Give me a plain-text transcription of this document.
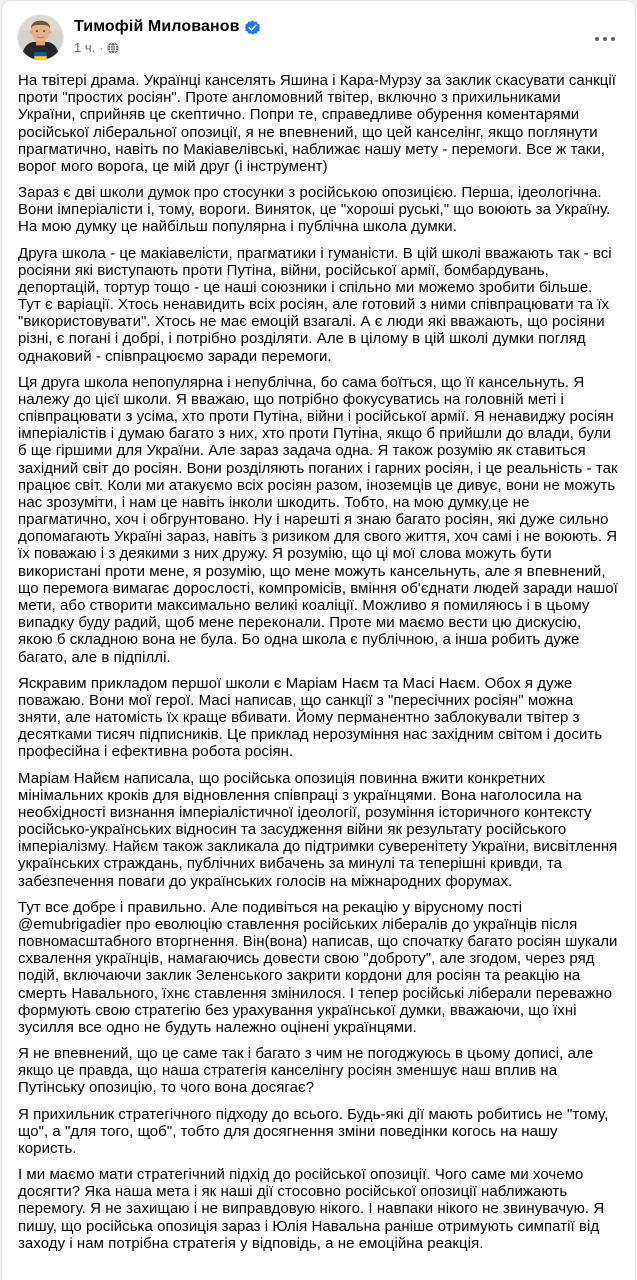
Тимофій Милованов
1 ч. ·

На твітері драма. Українці канселять Яшина і Кара-Мурзу за заклик скасувати санкції проти "простих росіян". Проте англомовний твітер, включно з прихильниками України, сприйняв це скептично. Попри те, справедливе обурення коментарями російської ліберальної опозиції, я не впевнений, що цей канселінг, якщо поглянути прагматично, навіть по Макіавелівські, наближає нашу мету - перемоги. Все ж таки, ворог мого ворога, це мій друг (і інструмент)

Зараз є дві школи думок про стосунки з російською опозицією. Перша, ідеологічна. Вони імперіалісти і, тому, вороги. Виняток, це "хороші руські," що воюють за Україну.  На мою думку це найбільш популярна і публічна школа думки.

Друга школа - це макіавелісти, прагматики і гуманісти. В цій школі вважають так - всі росіяни які виступають проти Путіна, війни, російської армії, бомбардувань, депортацій, тортур тощо - це наші союзники і спільно ми можемо зробити більше. Тут є варіації. Хтось ненавидить всіх росіян, але готовий з ними співпрацювати та їх "використовувати". Хтось не має емоцій взагалі. А є люди які вважають, що росіяни різні, є погані і добрі, і потрібно розділяти. Але в цілому в цій школі думки погляд однаковий - співпрацюємо заради перемоги.

Ця друга школа непопулярна і непублічна, бо сама боїться, що її кансельнуть. Я належу до цієї школи. Я вважаю, що потрібно фокусуватись на головній меті і співпрацювати з усіма, хто проти Путіна, війни і російської армії. Я ненавиджу росіян імперіалістів і думаю багато з них, хто проти Путіна, якщо б прийшли до влади, були б ще гіршими для України. Але зараз задача одна. Я також розумію як ставиться західний світ до росіян. Вони розділяють поганих і гарних росіян, і це реальність - так працює світ. Коли ми атакуємо всіх росіян разом, іноземців це дивує, вони не можуть нас зрозуміти, і нам це навіть інколи шкодить. Тобто, на мою думку,це не прагматично, хоч і обгрунтовано. Ну і нарешті я знаю багато росіян, які дуже сильно допомагають Україні зараз, навіть з ризиком для свого життя, хоч самі і не воюють. Я їх поважаю і з деякими з них дружу. Я розумію, що ці мої слова можуть бути використані проти мене, я розумію, що мене можуть кансельнуть, але я впевнений, що перемога вимагає дорослості, компромісів, вміння об'єднати людей заради нашої мети, або створити максимально великі коаліції. Можливо я помиляюсь і в цьому випадку буду радий, щоб мене переконали. Проте ми маємо вести цю дискусію, якою б складною вона не була. Бо одна школа є публічною, а інша робить дуже багато, але в підпіллі.

Яскравим прикладом першої школи є Маріам Наєм та Масі Наєм. Обох я дуже поважаю. Вони мої герої. Масі написав, що санкції з "пересічних росіян" можна зняти, але натомість їх краще вбивати. Йому перманентно заблокували твітер з десятками тисяч підписників. Це приклад нерозуміння нас західним світом і досить професійна і ефективна робота росіян.

Маріам Найєм написала, що російська опозиція повинна вжити конкретних мінімальних кроків для відновлення співпраці з українцями. Вона наголосила на необхідності визнання імперіалістичної ідеології, розуміння історичного контексту російсько-українських відносин та засудження війни як результату російського імперіалізму. Найєм також закликала до підтримки суверенітету України, висвітлення українських страждань, публічних вибачень за минулі та теперішні кривди, та забезпечення поваги до українських голосів на міжнародних форумах.

Тут все добре і правильно. Але подивіться на рекацію у вірусному пості @emubrigadier про еволюцію ставлення російських лібералів до українців після повномасштабного вторгнення. Він(вона) написав, що спочатку багато росіян шукали схвалення українців, намагаючись довести свою "доброту", але згодом, через ряд подій, включаючи заклик Зеленського закрити кордони для росіян та реакцію на смерть Навального, їхнє ставлення змінилося. І тепер російські ліберали переважно формують свою стратегію без урахування української думки, вважаючи, що їхні зусилля все одно не будуть належно оцінені українцями.

Я не впевнений, що це саме так і багато з чим не погоджуюсь в цьому дописі, але якщо це правда, що наша стратегія канселінгу росіян зменшує наш вплив на Путінську опозицію, то чого вона досягає?

Я прихильник стратегічного підходу до всього. Будь-які дії мають робитись не "тому, що", а "для того, щоб", тобто для досягнення зміни поведінки когось на нашу користь.

І ми маємо мати стратегічний підхід до російської опозиції. Чого саме ми хочемо досягти? Яка наша мета і як наші дії стосовно російської опозиції наближають перемогу. Я не захищаю і не виправдовую нікого. І навпаки нікого не звинувачую. Я пишу, що російська опозиція зараз і Юлія Навальна раніше отримують симпатії від заходу і нам потрібна стратегія у відповідь, а не емоційна реакція.
